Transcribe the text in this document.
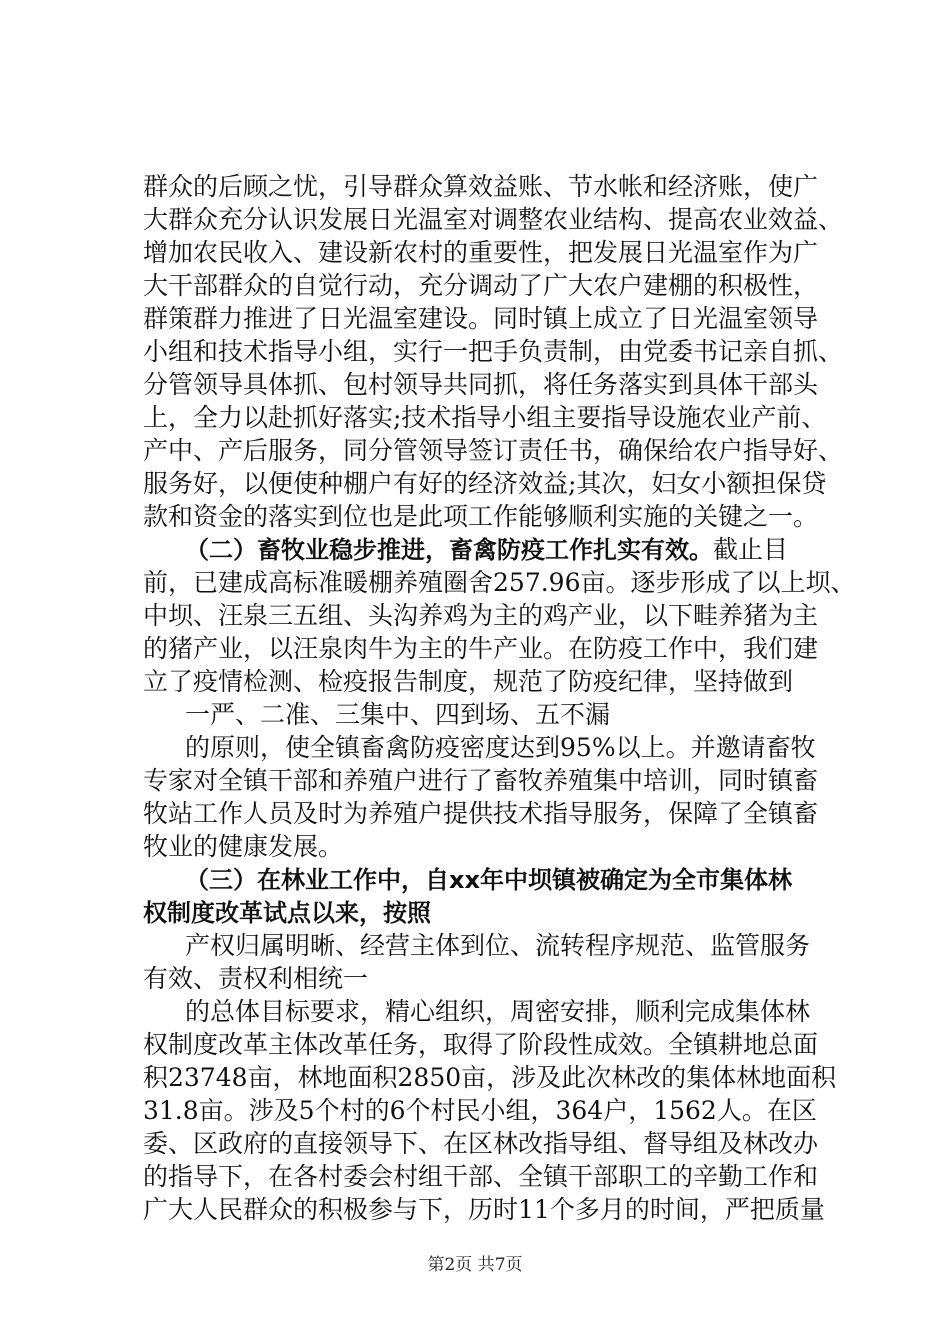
群众的后顾之忧，引导群众算效益账、节水帐和经济账，使广
大群众充分认识发展日光温室对调整农业结构、提高农业效益、
增加农民收入、建设新农村的重要性，把发展日光温室作为广
大干部群众的自觉行动，充分调动了广大农户建棚的积极性，
群策群力推进了日光温室建设。同时镇上成立了日光温室领导
小组和技术指导小组，实行一把手负责制，由党委书记亲自抓、
分管领导具体抓、包村领导共同抓，将任务落实到具体干部头
上，全力以赴抓好落实;技术指导小组主要指导设施农业产前、
产中、产后服务，同分管领导签订责任书，确保给农户指导好、
服务好，以便使种棚户有好的经济效益;其次，妇女小额担保贷
款和资金的落实到位也是此项工作能够顺利实施的关键之一。
（二）畜牧业稳步推进，畜禽防疫工作扎实有效。截止目
前，已建成高标准暖棚养殖圈舍257.96亩。逐步形成了以上坝、
中坝、汪泉三五组、头沟养鸡为主的鸡产业，以下畦养猪为主
的猪产业，以汪泉肉牛为主的牛产业。在防疫工作中，我们建
立了疫情检测、检疫报告制度，规范了防疫纪律，坚持做到
一严、二准、三集中、四到场、五不漏
的原则，使全镇畜禽防疫密度达到95%以上。并邀请畜牧
专家对全镇干部和养殖户进行了畜牧养殖集中培训，同时镇畜
牧站工作人员及时为养殖户提供技术指导服务，保障了全镇畜
牧业的健康发展。
（三）在林业工作中，自xx年中坝镇被确定为全市集体林
权制度改革试点以来，按照
产权归属明晰、经营主体到位、流转程序规范、监管服务
有效、责权利相统一
的总体目标要求，精心组织，周密安排，顺利完成集体林
权制度改革主体改革任务，取得了阶段性成效。全镇耕地总面
积23748亩，林地面积2850亩，涉及此次林改的集体林地面积
31.8亩。涉及5个村的6个村民小组，364户，1562人。在区
委、区政府的直接领导下、在区林改指导组、督导组及林改办
的指导下，在各村委会村组干部、全镇干部职工的辛勤工作和
广大人民群众的积极参与下，历时11个多月的时间，严把质量
第2页 共7页
